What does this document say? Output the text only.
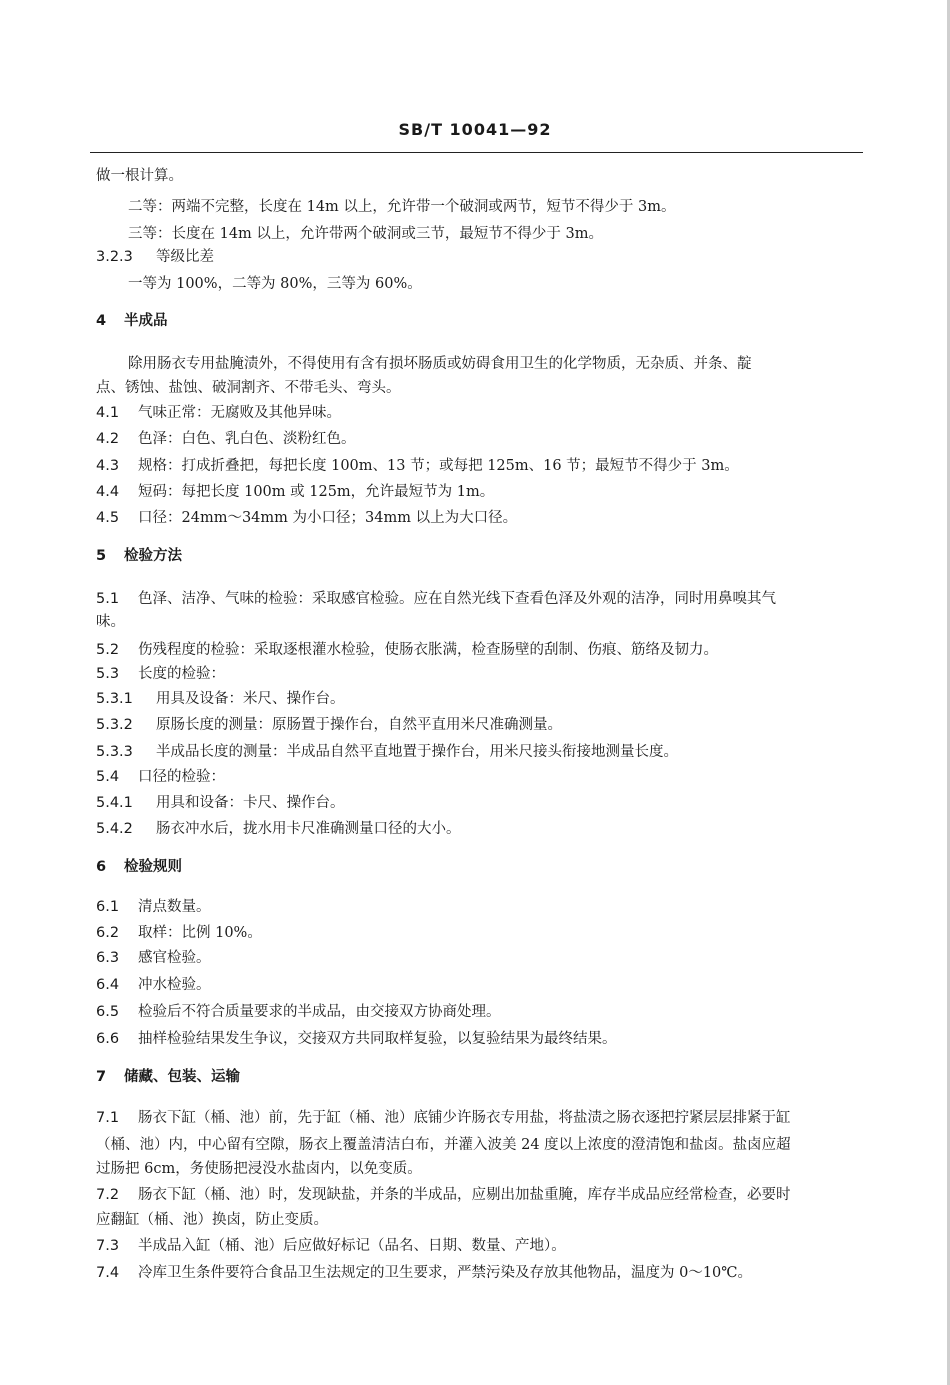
SB/T 10041—92
做一根计算。
二等：两端不完整，长度在 14m 以上，允许带一个破洞或两节，短节不得少于 3m。
三等：长度在 14m 以上，允许带两个破洞或三节，最短节不得少于 3m。
3.2.3 等级比差
一等为 100%，二等为 80%，三等为 60%。
4 半成品
除用肠衣专用盐腌渍外，不得使用有含有损坏肠质或妨碍食用卫生的化学物质，无杂质、并条、靛
点、锈蚀、盐蚀、破洞割齐、不带毛头、弯头。
4.1 气味正常：无腐败及其他异味。
4.2 色泽：白色、乳白色、淡粉红色。
4.3 规格：打成折叠把，每把长度 100m、13 节；或每把 125m、16 节；最短节不得少于 3m。
4.4 短码：每把长度 100m 或 125m，允许最短节为 1m。
4.5 口径：24mm～34mm 为小口径；34mm 以上为大口径。
5 检验方法
5.1 色泽、洁净、气味的检验：采取感官检验。应在自然光线下查看色泽及外观的洁净，同时用鼻嗅其气
味。
5.2 伤残程度的检验：采取逐根灌水检验，使肠衣胀满，检查肠壁的刮制、伤痕、筋络及韧力。
5.3 长度的检验：
5.3.1 用具及设备：米尺、操作台。
5.3.2 原肠长度的测量：原肠置于操作台，自然平直用米尺准确测量。
5.3.3 半成品长度的测量：半成品自然平直地置于操作台，用米尺接头衔接地测量长度。
5.4 口径的检验：
5.4.1 用具和设备：卡尺、操作台。
5.4.2 肠衣冲水后，拢水用卡尺准确测量口径的大小。
6 检验规则
6.1 清点数量。
6.2 取样：比例 10%。
6.3 感官检验。
6.4 冲水检验。
6.5 检验后不符合质量要求的半成品，由交接双方协商处理。
6.6 抽样检验结果发生争议，交接双方共同取样复验，以复验结果为最终结果。
7 储藏、包装、运输
7.1 肠衣下缸（桶、池）前，先于缸（桶、池）底铺少许肠衣专用盐，将盐渍之肠衣逐把拧紧层层排紧于缸
（桶、池）内，中心留有空隙，肠衣上覆盖清洁白布，并灌入波美 24 度以上浓度的澄清饱和盐卤。盐卤应超
过肠把 6cm，务使肠把浸没水盐卤内，以免变质。
7.2 肠衣下缸（桶、池）时，发现缺盐，并条的半成品，应剔出加盐重腌，库存半成品应经常检查，必要时
应翻缸（桶、池）换卤，防止变质。
7.3 半成品入缸（桶、池）后应做好标记（品名、日期、数量、产地）。
7.4 冷库卫生条件要符合食品卫生法规定的卫生要求，严禁污染及存放其他物品，温度为 0～10℃。
